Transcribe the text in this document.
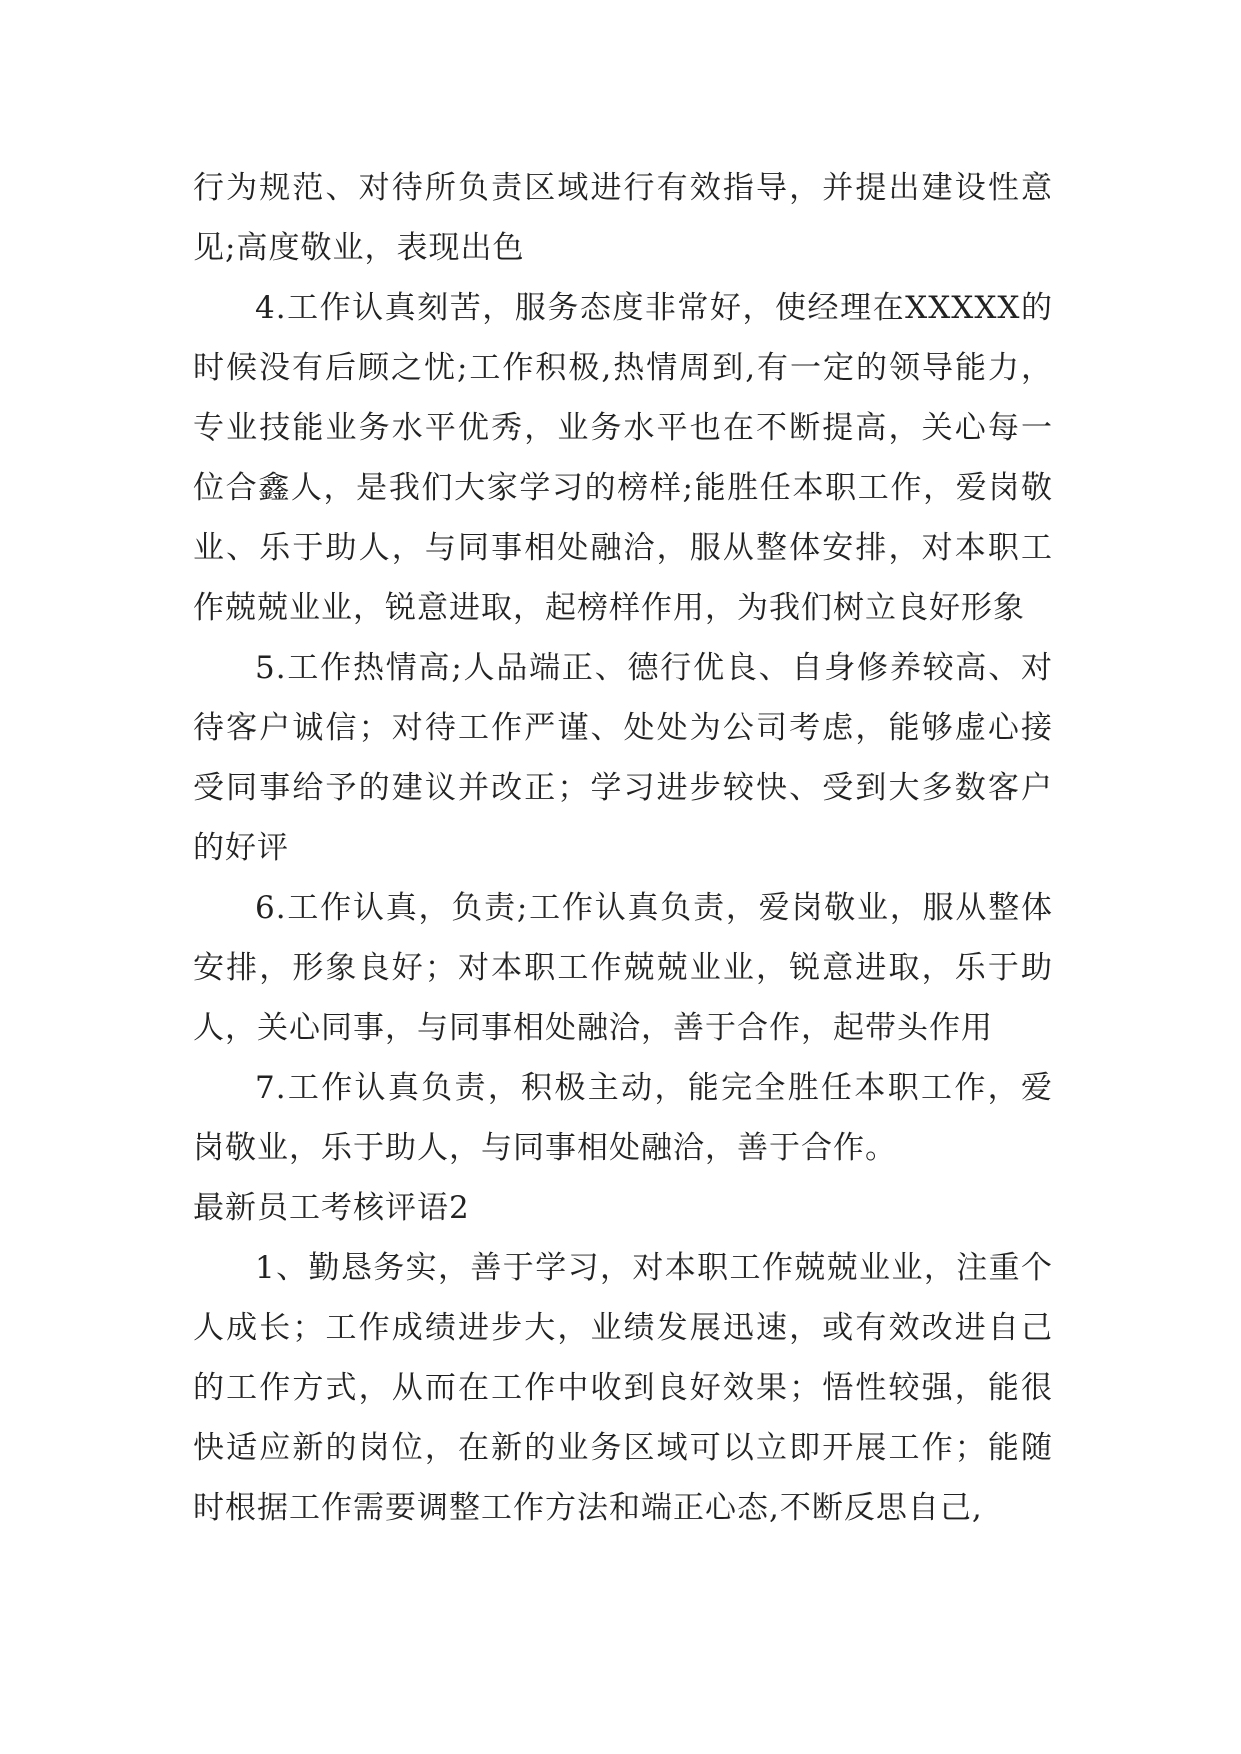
行为规范、对待所负责区域进行有效指导，并提出建设性意见;高度敬业，表现出色

4.工作认真刻苦，服务态度非常好，使经理在XXXXX的时候没有后顾之忧;工作积极,热情周到,有一定的领导能力，专业技能业务水平优秀，业务水平也在不断提高，关心每一位合鑫人，是我们大家学习的榜样;能胜任本职工作，爱岗敬业、乐于助人，与同事相处融洽，服从整体安排，对本职工作兢兢业业，锐意进取，起榜样作用，为我们树立良好形象

5.工作热情高;人品端正、德行优良、自身修养较高、对待客户诚信；对待工作严谨、处处为公司考虑，能够虚心接受同事给予的建议并改正；学习进步较快、受到大多数客户的好评

6.工作认真，负责;工作认真负责，爱岗敬业，服从整体安排，形象良好；对本职工作兢兢业业，锐意进取，乐于助人，关心同事，与同事相处融洽，善于合作，起带头作用

7.工作认真负责，积极主动，能完全胜任本职工作，爱岗敬业，乐于助人，与同事相处融洽，善于合作。

最新员工考核评语2

1、勤恳务实，善于学习，对本职工作兢兢业业，注重个人成长；工作成绩进步大，业绩发展迅速，或有效改进自己的工作方式，从而在工作中收到良好效果；悟性较强，能很快适应新的岗位，在新的业务区域可以立即开展工作；能随时根据工作需要调整工作方法和端正心态,不断反思自己,
